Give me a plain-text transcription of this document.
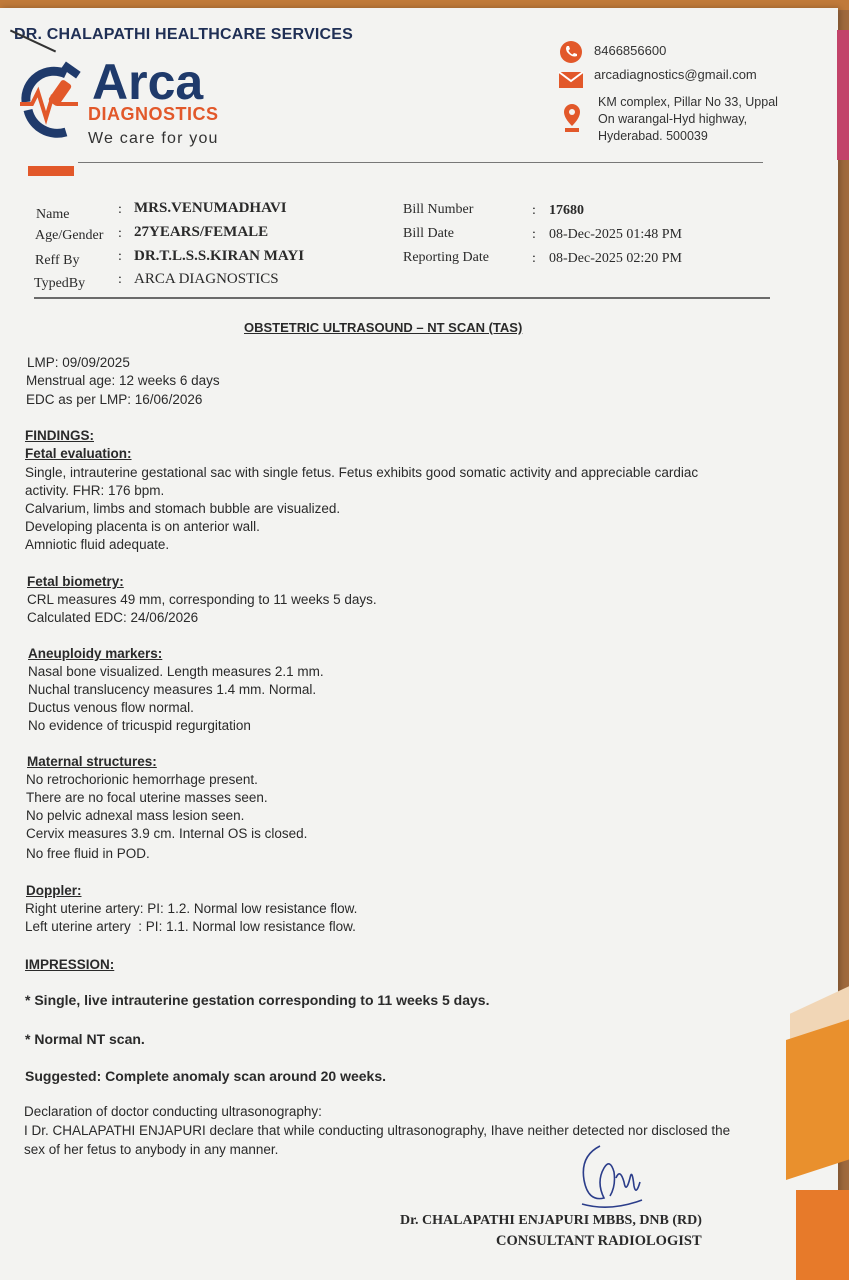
DR. CHALAPATHI HEALTHCARE SERVICES
Arca
DIAGNOSTICS
We care for you
8466856600
arcadiagnostics@gmail.com
KM complex, Pillar No 33, Uppal
On warangal-Hyd highway,
Hyderabad. 500039
Name
Age/Gender
Reff By
TypedBy
:
:
:
:
MRS.VENUMADHAVI
27YEARS/FEMALE
DR.T.L.S.S.KIRAN MAYI
ARCA DIAGNOSTICS
Bill Number
Bill Date
Reporting Date
:
:
:
17680
08-Dec-2025 01:48 PM
08-Dec-2025 02:20 PM
OBSTETRIC ULTRASOUND – NT SCAN (TAS)
LMP: 09/09/2025
Menstrual age: 12 weeks 6 days
EDC as per LMP: 16/06/2026
FINDINGS:
Fetal evaluation:
Single, intrauterine gestational sac with single fetus. Fetus exhibits good somatic activity and appreciable cardiac
activity. FHR: 176 bpm.
Calvarium, limbs and stomach bubble are visualized.
Developing placenta is on anterior wall.
Amniotic fluid adequate.
Fetal biometry:
CRL measures 49 mm, corresponding to 11 weeks 5 days.
Calculated EDC: 24/06/2026
Aneuploidy markers:
Nasal bone visualized. Length measures 2.1 mm.
Nuchal translucency measures 1.4 mm. Normal.
Ductus venous flow normal.
No evidence of tricuspid regurgitation
Maternal structures:
No retrochorionic hemorrhage present.
There are no focal uterine masses seen.
No pelvic adnexal mass lesion seen.
Cervix measures 3.9 cm. Internal OS is closed.
No free fluid in POD.
Doppler:
Right uterine artery: PI: 1.2. Normal low resistance flow.
Left uterine artery  : PI: 1.1. Normal low resistance flow.
IMPRESSION:
* Single, live intrauterine gestation corresponding to 11 weeks 5 days.
* Normal NT scan.
Suggested: Complete anomaly scan around 20 weeks.
Declaration of doctor conducting ultrasonography:
I Dr. CHALAPATHI ENJAPURI declare that while conducting ultrasonography, Ihave neither detected nor disclosed the
sex of her fetus to anybody in any manner.
Dr. CHALAPATHI ENJAPURI MBBS, DNB (RD)
CONSULTANT RADIOLOGIST
